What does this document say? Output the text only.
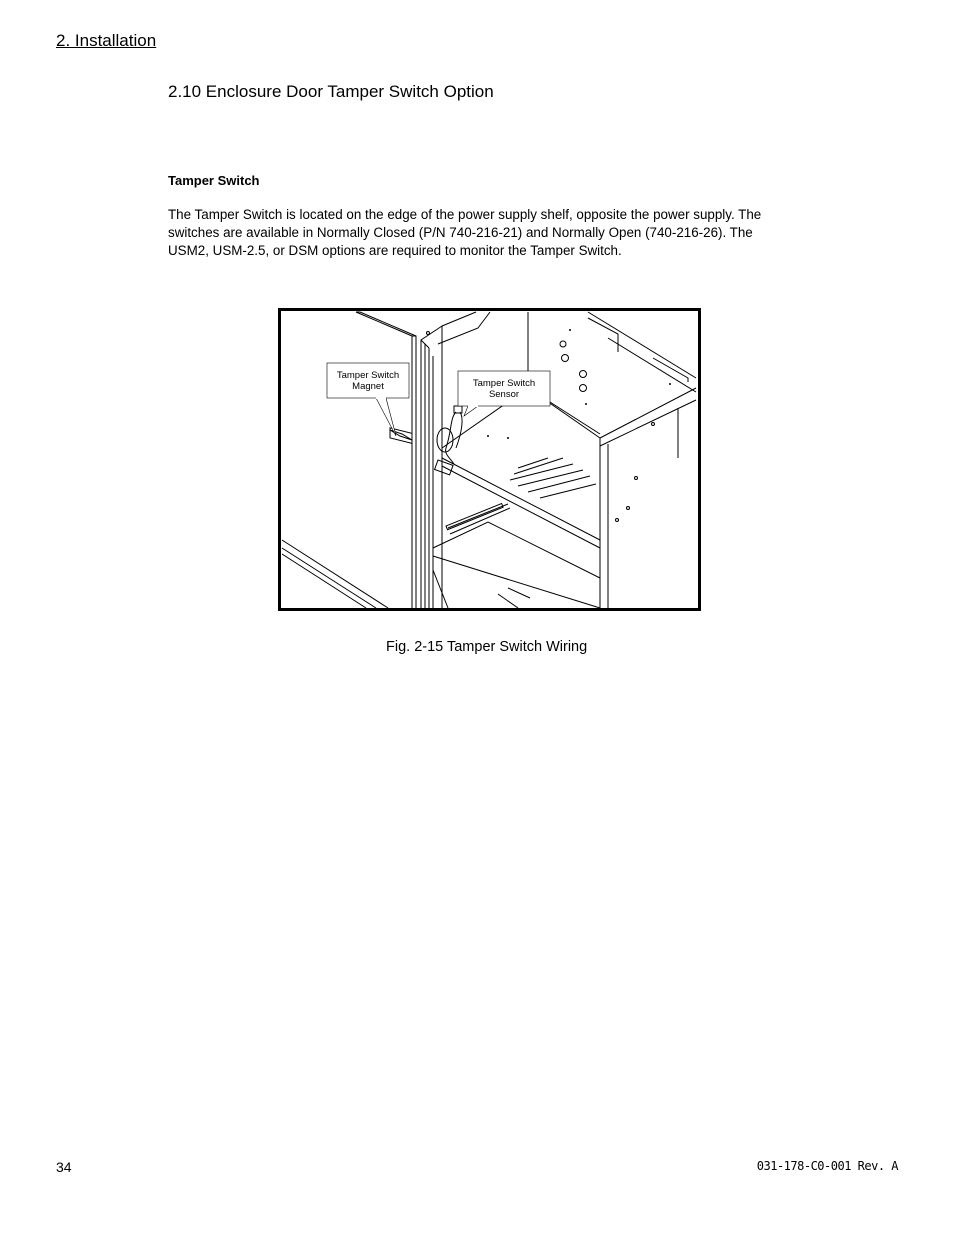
2. Installation
2.10 Enclosure Door Tamper Switch Option
Tamper Switch
The Tamper Switch is located on the edge of the power supply shelf, opposite the power supply. The
switches are available in Normally Closed (P/N 740-216-21) and Normally Open (740-216-26). The
USM2, USM-2.5, or DSM options are required to monitor the Tamper Switch.
Tamper Switch
Magnet	Tamper Switch
Sensor
Fig. 2-15 Tamper Switch Wiring
34	031-178-C0-001 Rev. A
